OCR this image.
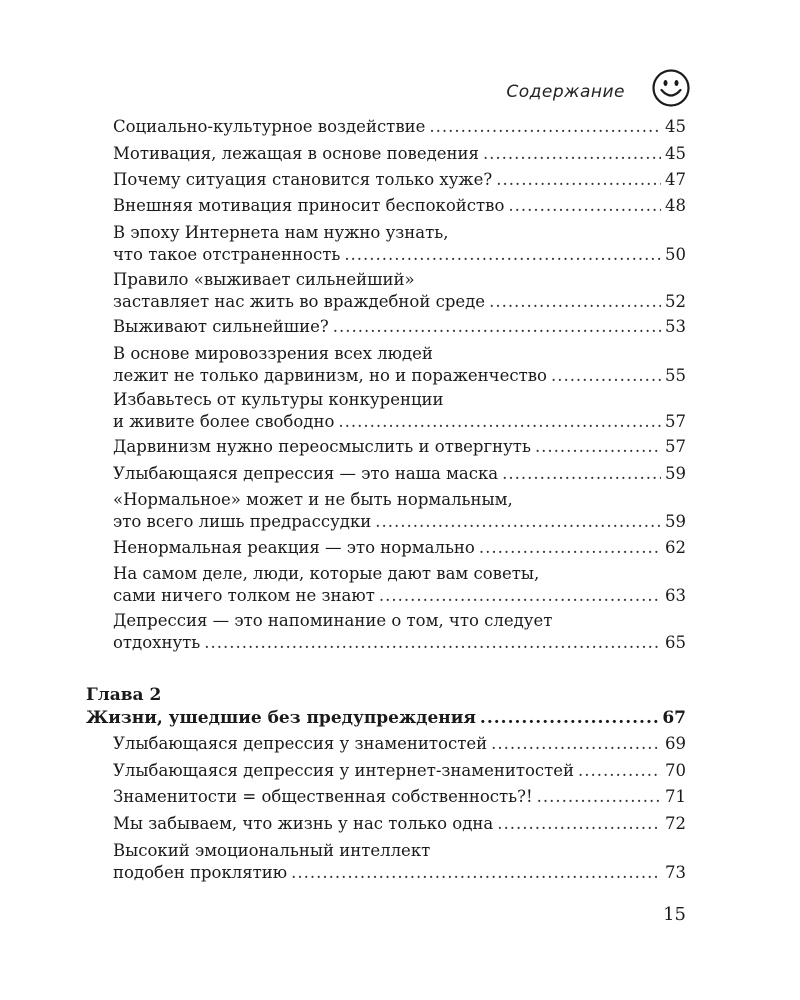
Содержание
Социально-культурное воздействие .....	45
Мотивация, лежащая в основе поведения .....	45
Почему ситуация становится только хуже? .....	47
Внешняя мотивация приносит беспокойство .....	48
В эпоху Интернета нам нужно узнать,
что такое отстраненность .....	50
Правило «выживает сильнейший»
заставляет нас жить во враждебной среде .....	52
Выживают сильнейшие? .....	53
В основе мировоззрения всех людей
лежит не только дарвинизм, но и пораженчество .....	55
Избавьтесь от культуры конкуренции
и живите более свободно .....	57
Дарвинизм нужно переосмыслить и отвергнуть .....	57
Улыбающаяся депрессия — это наша маска .....	59
«Нормальное» может и не быть нормальным,
это всего лишь предрассудки .....	59
Ненормальная реакция — это нормально .....	62
На самом деле, люди, которые дают вам советы,
сами ничего толком не знают .....	63
Депрессия — это напоминание о том, что следует
отдохнуть .....	65
Глава 2
Жизни, ушедшие без предупреждения .....	67
Улыбающаяся депрессия у знаменитостей .....	69
Улыбающаяся депрессия у интернет-знаменитостей .....	70
Знаменитости = общественная собственность?! .....	71
Мы забываем, что жизнь у нас только одна .....	72
Высокий эмоциональный интеллект
подобен проклятию .....	73
15
